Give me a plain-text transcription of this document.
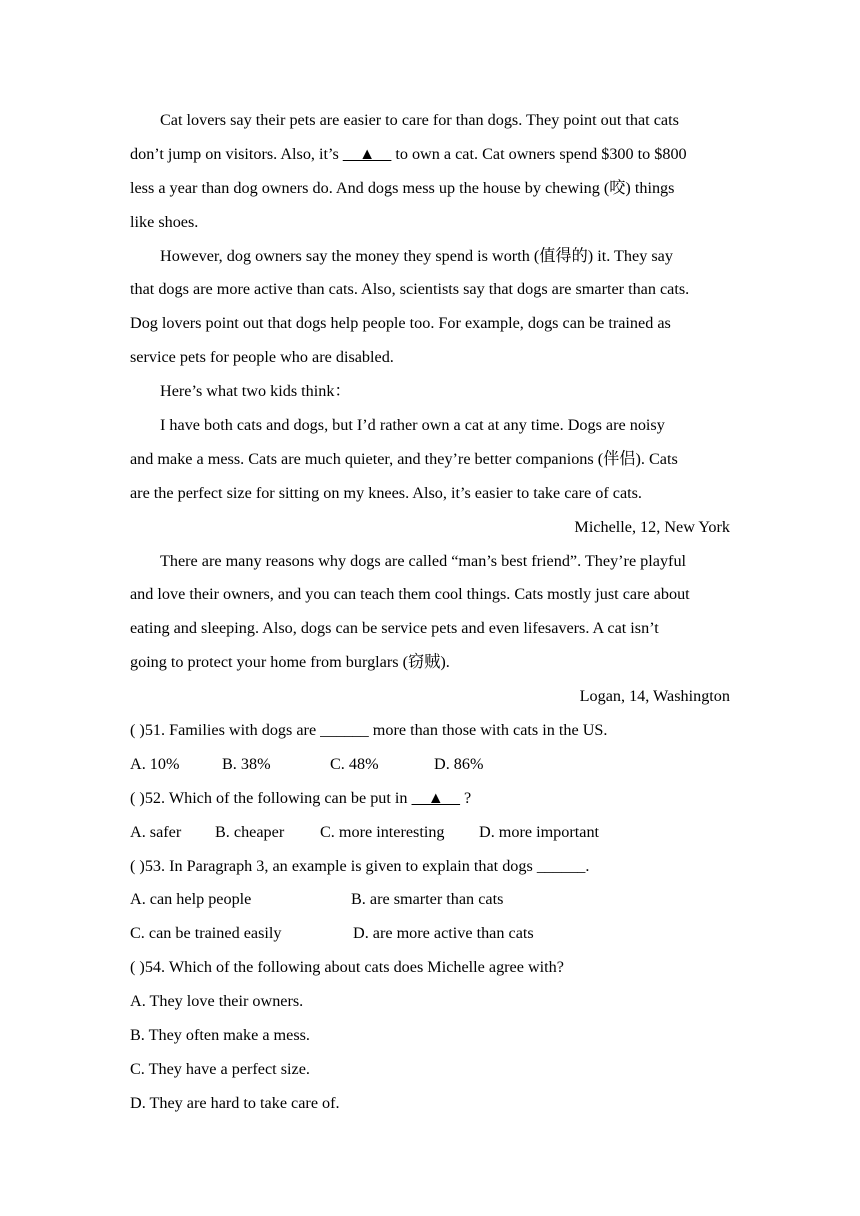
Cat lovers say their pets are easier to care for than dogs. They point out that cats
don’t jump on visitors. Also, it’s __▲__ to own a cat. Cat owners spend $300 to $800
less a year than dog owners do. And dogs mess up the house by chewing (咬) things
like shoes.
However, dog owners say the money they spend is worth (值得的) it. They say
that dogs are more active than cats. Also, scientists say that dogs are smarter than cats.
Dog lovers point out that dogs help people too. For example, dogs can be trained as
service pets for people who are disabled.
Here’s what two kids think：
I have both cats and dogs, but I’d rather own a cat at any time. Dogs are noisy
and make a mess. Cats are much quieter, and they’re better companions (伴侣). Cats
are the perfect size for sitting on my knees. Also, it’s easier to take care of cats.
Michelle, 12, New York
There are many reasons why dogs are called “man’s best friend”. They’re playful
and love their owners, and you can teach them cool things. Cats mostly just care about
eating and sleeping. Also, dogs can be service pets and even lifesavers. A cat isn’t
going to protect your home from burglars (窃贼).
Logan, 14, Washington
( )51. Families with dogs are ______ more than those with cats in the US.
A. 10%	B. 38%	C. 48%	D. 86%
( )52. Which of the following can be put in __▲__ ?
A. safer B. cheaper C. more interesting D. more important
( )53. In Paragraph 3, an example is given to explain that dogs ______.
A. can help people	B. are smarter than cats
C. can be trained easily	D. are more active than cats
( )54. Which of the following about cats does Michelle agree with?
A. They love their owners.
B. They often make a mess.
C. They have a perfect size.
D. They are hard to take care of.
